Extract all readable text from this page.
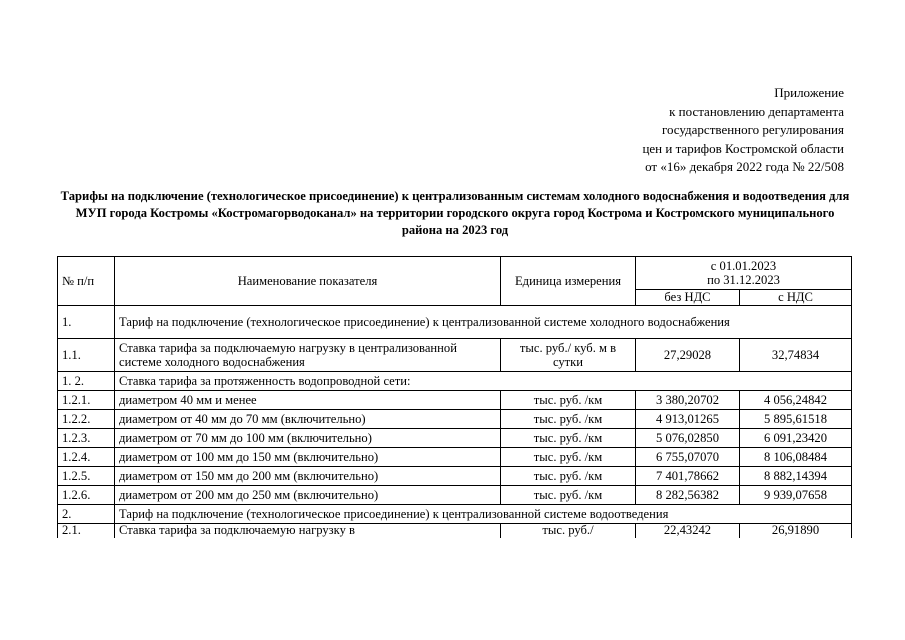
Приложение
к постановлению департамента
государственного регулирования
цен и тарифов Костромской области
от «16» декабря 2022 года № 22/508
Тарифы на подключение (технологическое присоединение) к централизованным системам холодного водоснабжения и водоотведения для МУП города Костромы «Костромагорводоканал» на территории городского округа город Кострома и Костромского муниципального района на 2023 год
№ п/п	Наименование показателя	Единица измерения	с 01.01.2023
по 31.12.2023	

			без НДС	с НДС
1.	Тариф на подключение (технологическое присоединение) к централизованной системе холодного водоснабжения			
1.1.	Ставка тарифа за подключаемую нагрузку в централизованной системе холодного водоснабжения	тыс. руб./ куб. м в сутки	27,29028	32,74834
1. 2.	Ставка тарифа за протяженность водопроводной сети:			
1.2.1.	диаметром 40 мм и менее	тыс. руб. /км	3 380,20702	4 056,24842
1.2.2.	диаметром от 40 мм до 70 мм (включительно)	тыс. руб. /км	4 913,01265	5 895,61518
1.2.3.	диаметром от 70 мм до 100 мм (включительно)	тыс. руб. /км	5 076,02850	6 091,23420
1.2.4.	диаметром от 100 мм до 150 мм (включительно)	тыс. руб. /км	6 755,07070	8 106,08484
1.2.5.	диаметром от 150 мм до 200 мм (включительно)	тыс. руб. /км	7 401,78662	8 882,14394
1.2.6.	диаметром от 200 мм до 250 мм (включительно)	тыс. руб. /км	8 282,56382	9 939,07658
2.	Тариф на подключение (технологическое присоединение) к централизованной системе водоотведения			
2.1.	Ставка тарифа за подключаемую нагрузку в	тыс. руб./	22,43242	26,91890
